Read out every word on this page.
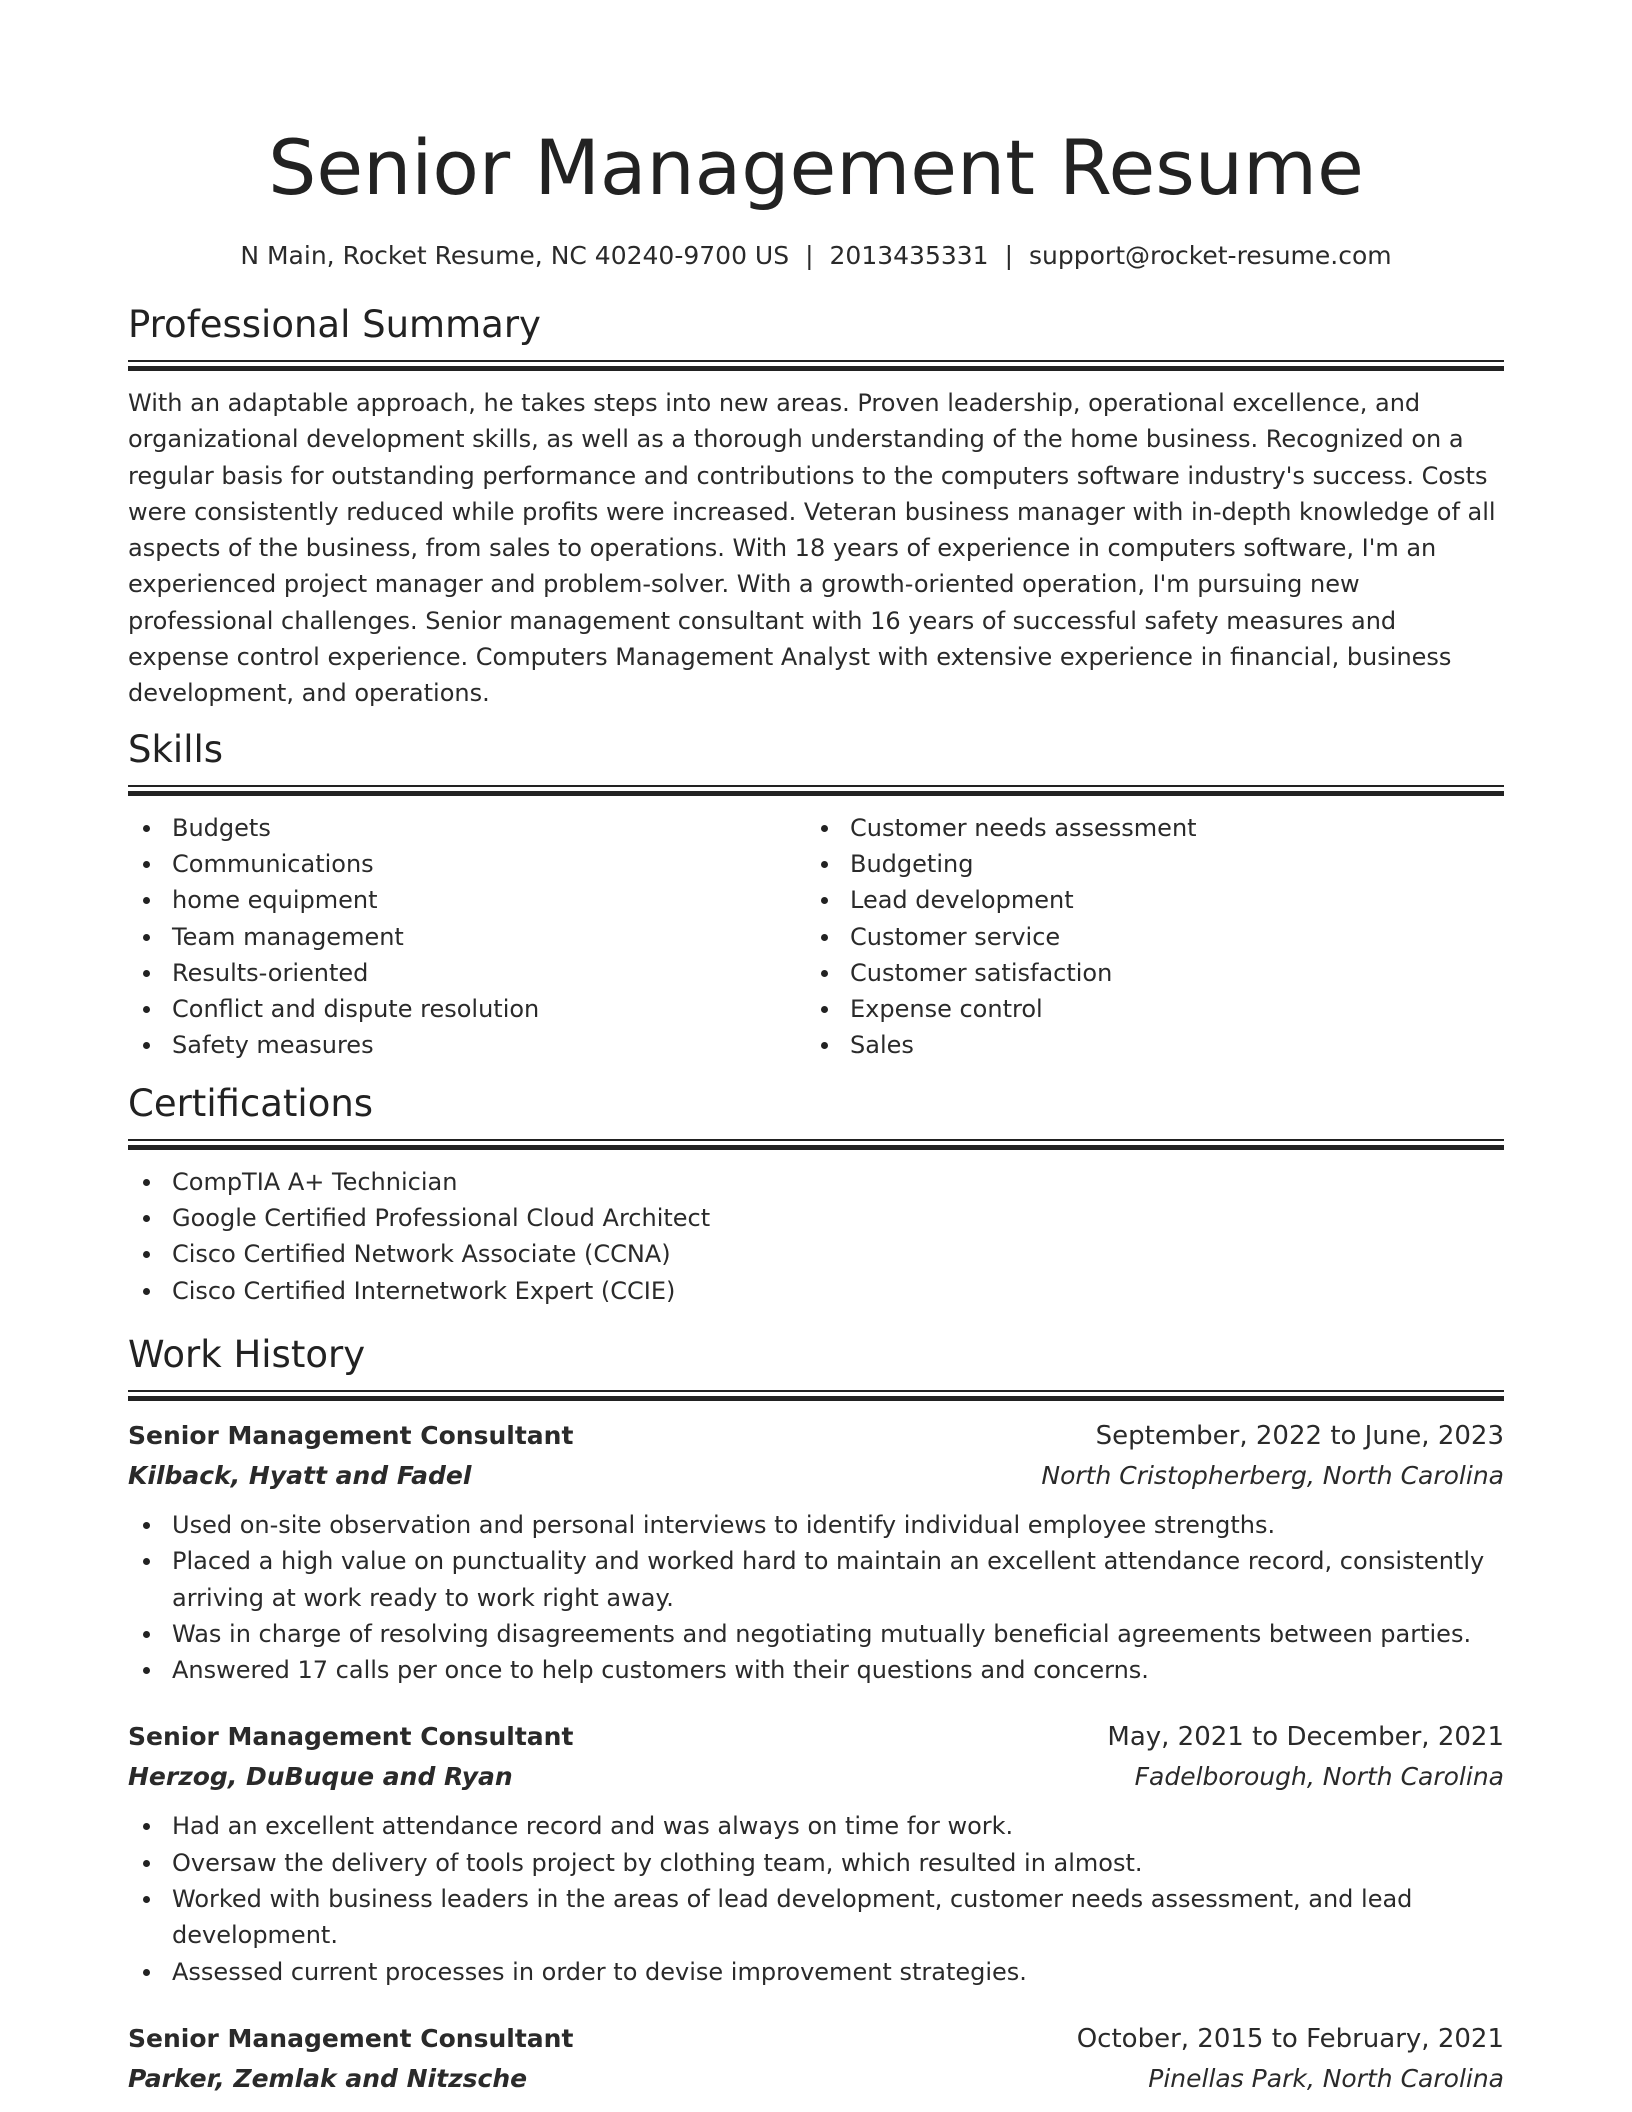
Senior Management Resume
N Main, Rocket Resume, NC 40240-9700 US | 2013435331 | support@rocket-resume.com
Professional Summary

With an adaptable approach, he takes steps into new areas. Proven leadership, operational excellence, and organizational development skills, as well as a thorough understanding of the home business. Recognized on a regular basis for outstanding performance and contributions to the computers software industry's success. Costs were consistently reduced while profits were increased. Veteran business manager with in-depth knowledge of all aspects of the business, from sales to operations. With 18 years of experience in computers software, I'm an experienced project manager and problem-solver. With a growth-oriented operation, I'm pursuing new professional challenges. Senior management consultant with 16 years of successful safety measures and expense control experience. Computers Management Analyst with extensive experience in financial, business development, and operations.

Skills
Budgets
Communications
home equipment
Team management
Results-oriented
Conflict and dispute resolution
Safety measures
Customer needs assessment
Budgeting
Lead development
Customer service
Customer satisfaction
Expense control
Sales
Certifications
CompTIA A+ Technician
Google Certified Professional Cloud Architect
Cisco Certified Network Associate (CCNA)
Cisco Certified Internetwork Expert (CCIE)
Work History
Senior Management Consultant	September, 2022 to June, 2023
Kilback, Hyatt and Fadel	North Cristopherberg, North Carolina
Used on-site observation and personal interviews to identify individual employee strengths.
Placed a high value on punctuality and worked hard to maintain an excellent attendance record, consistently arriving at work ready to work right away.
Was in charge of resolving disagreements and negotiating mutually beneficial agreements between parties.
Answered 17 calls per once to help customers with their questions and concerns.
Senior Management Consultant	May, 2021 to December, 2021
Herzog, DuBuque and Ryan	Fadelborough, North Carolina
Had an excellent attendance record and was always on time for work.
Oversaw the delivery of tools project by clothing team, which resulted in almost.
Worked with business leaders in the areas of lead development, customer needs assessment, and lead development.
Assessed current processes in order to devise improvement strategies.
Senior Management Consultant	October, 2015 to February, 2021
Parker, Zemlak and Nitzsche	Pinellas Park, North Carolina
